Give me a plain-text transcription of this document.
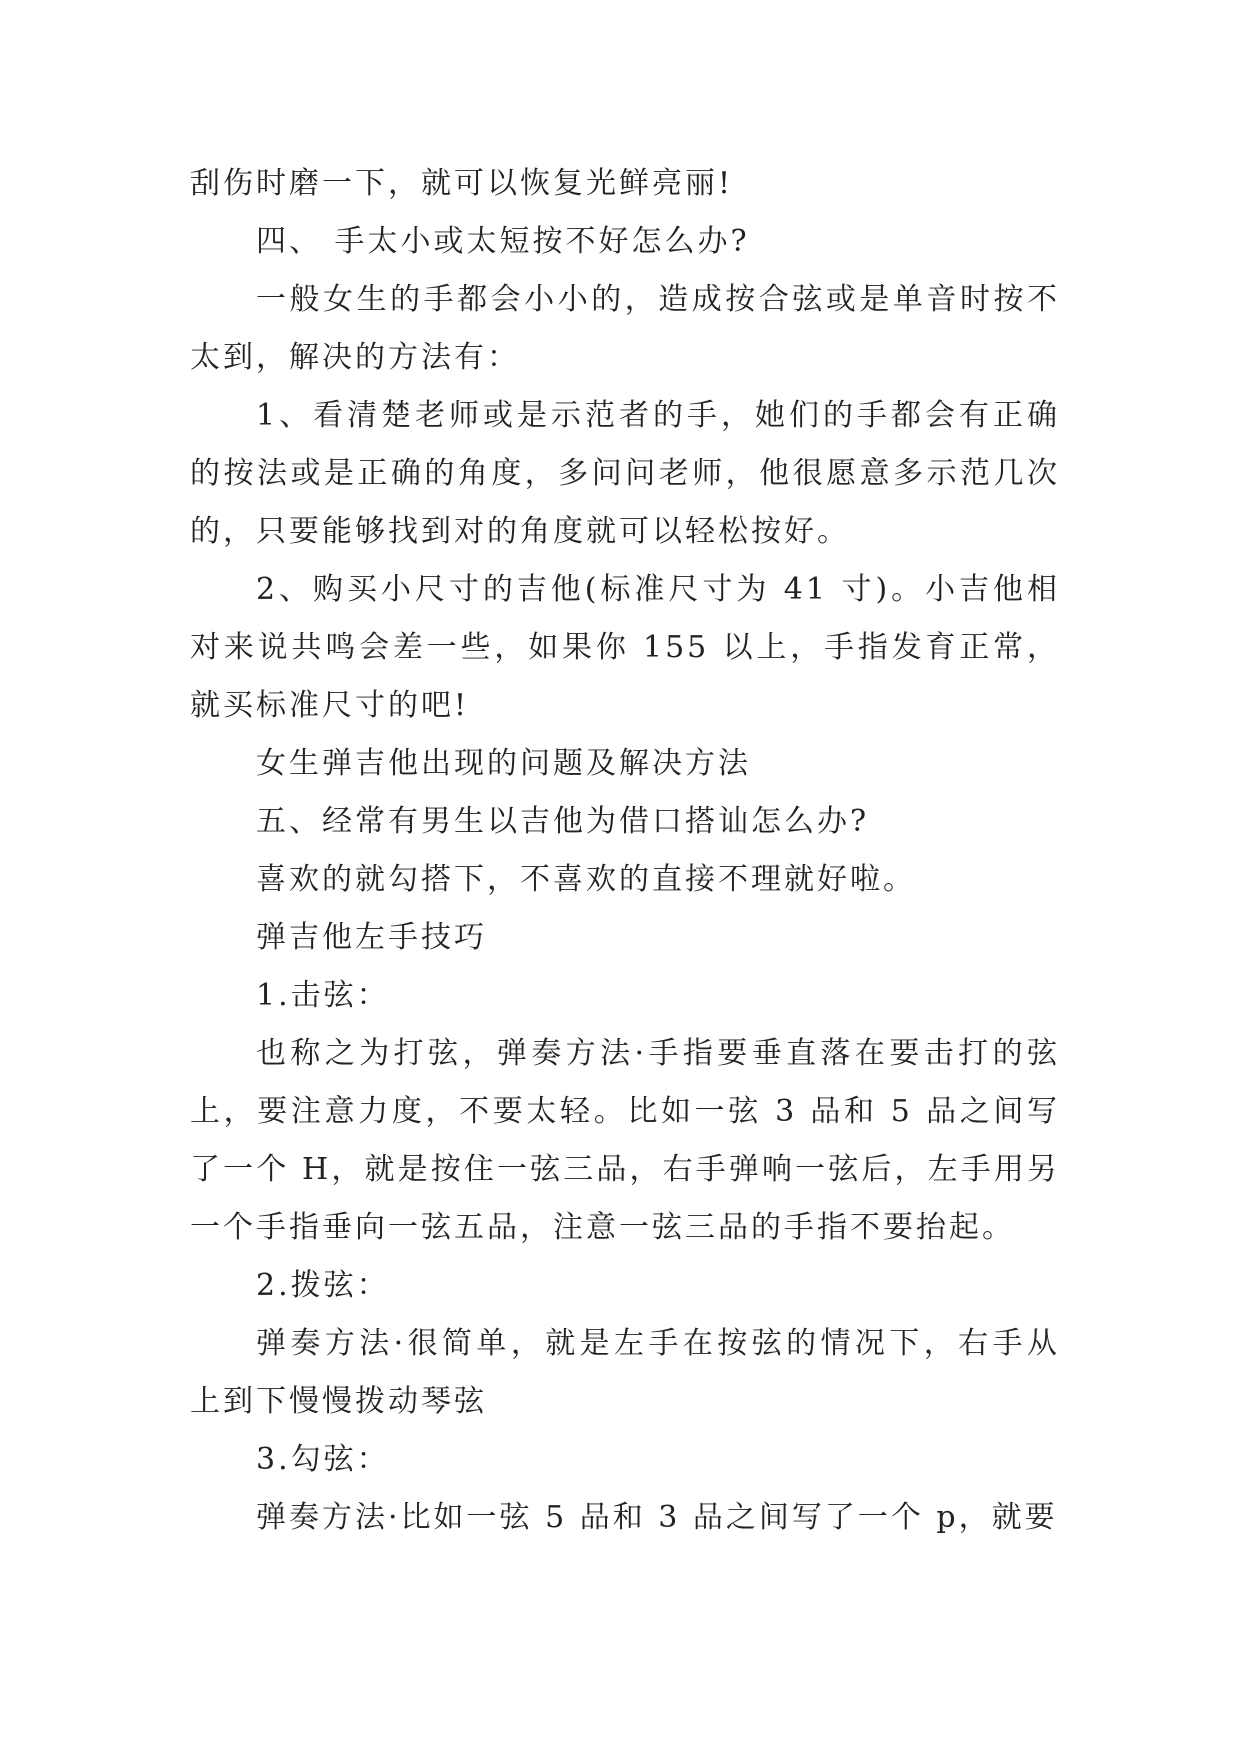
刮伤时磨一下，就可以恢复光鲜亮丽!

四、 手太小或太短按不好怎么办?

一般女生的手都会小小的，造成按合弦或是单音时按不太到，解决的方法有：

1、看清楚老师或是示范者的手，她们的手都会有正确的按法或是正确的角度，多问问老师，他很愿意多示范几次的，只要能够找到对的角度就可以轻松按好。

2、购买小尺寸的吉他(标准尺寸为 41 寸)。小吉他相对来说共鸣会差一些，如果你 155 以上，手指发育正常，就买标准尺寸的吧!

女生弹吉他出现的问题及解决方法

五、经常有男生以吉他为借口搭讪怎么办?

喜欢的就勾搭下，不喜欢的直接不理就好啦。

弹吉他左手技巧

1.击弦：

也称之为打弦，弹奏方法·手指要垂直落在要击打的弦上，要注意力度，不要太轻。比如一弦 3 品和 5 品之间写了一个 H，就是按住一弦三品，右手弹响一弦后，左手用另一个手指垂向一弦五品，注意一弦三品的手指不要抬起。

2.拨弦：

弹奏方法·很简单，就是左手在按弦的情况下，右手从上到下慢慢拨动琴弦

3.勾弦：

弹奏方法·比如一弦 5 品和 3 品之间写了一个 p，就要
